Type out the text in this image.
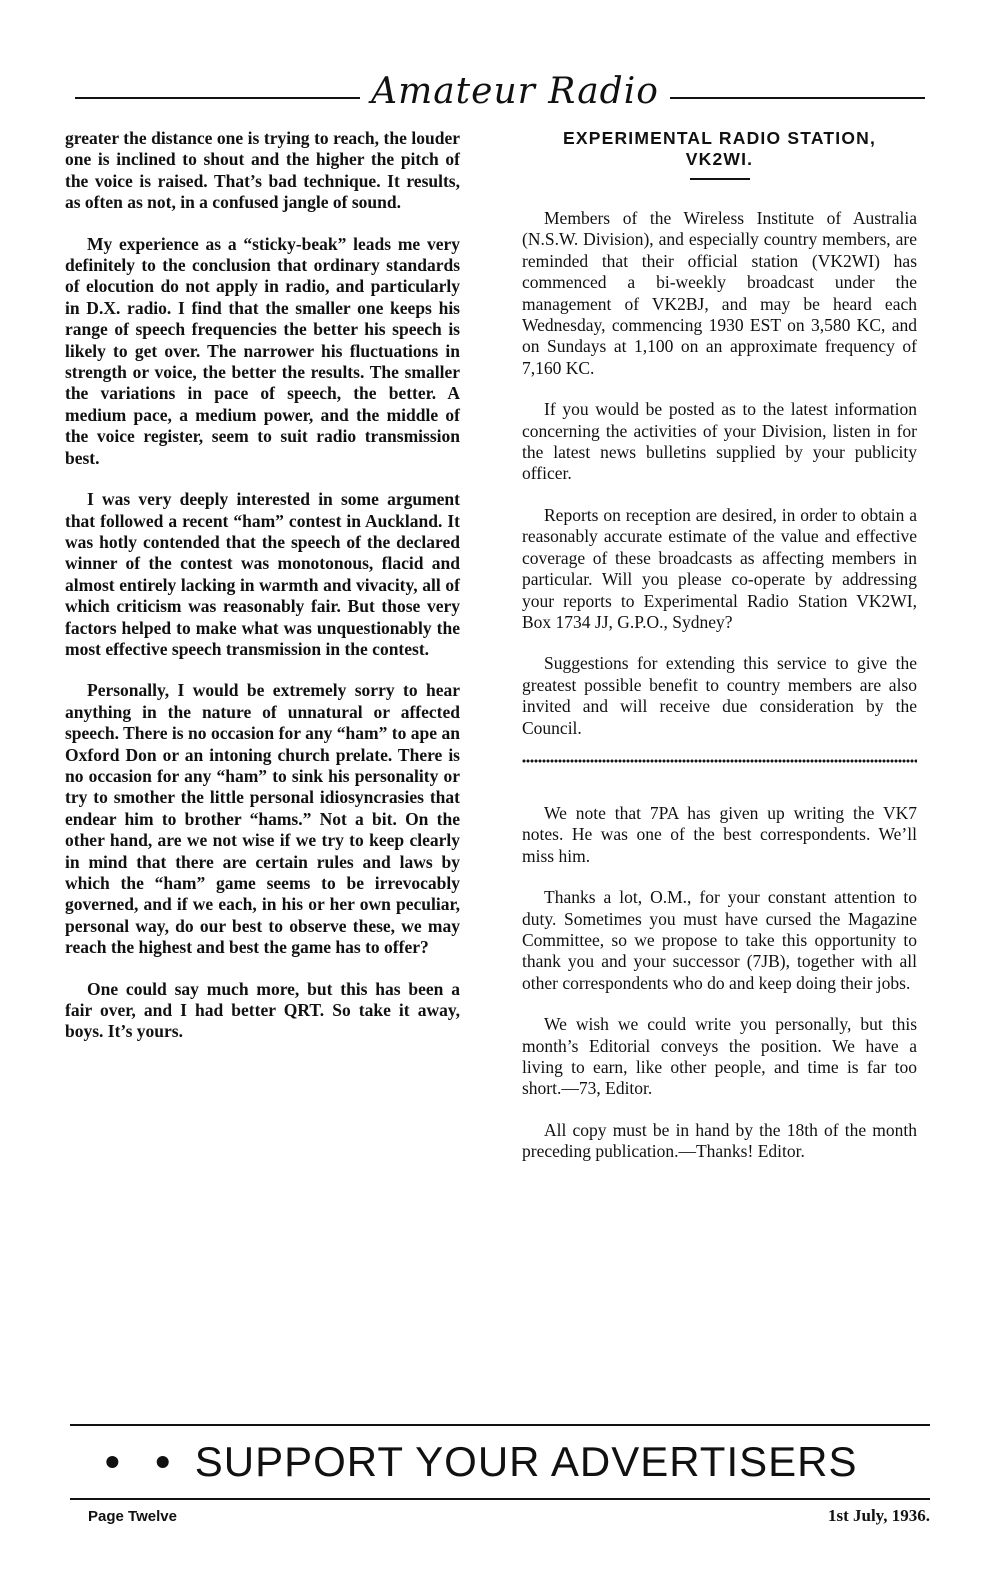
Amateur Radio

greater the distance one is trying to reach, the louder one is inclined to shout and the higher the pitch of the voice is raised. That’s bad technique. It results, as often as not, in a confused jangle of sound.

My experience as a “sticky-beak” leads me very definitely to the conclusion that ordinary standards of elocution do not apply in radio, and particularly in D.X. radio. I find that the smaller one keeps his range of speech frequencies the better his speech is likely to get over. The narrower his fluctuations in strength or voice, the better the results. The smaller the variations in pace of speech, the better. A medium pace, a medium power, and the middle of the voice register, seem to suit radio transmission best.

I was very deeply interested in some argument that followed a recent “ham” contest in Auckland. It was hotly contended that the speech of the declared winner of the contest was monotonous, flacid and almost entirely lacking in warmth and vivacity, all of which criticism was reasonably fair. But those very factors helped to make what was unquestionably the most effective speech transmission in the contest.

Personally, I would be extremely sorry to hear anything in the nature of unnatural or affected speech. There is no occasion for any “ham” to ape an Oxford Don or an intoning church prelate. There is no occasion for any “ham” to sink his personality or try to smother the little personal idiosyncrasies that endear him to brother “hams.” Not a bit. On the other hand, are we not wise if we try to keep clearly in mind that there are certain rules and laws by which the “ham” game seems to be irrevocably governed, and if we each, in his or her own peculiar, personal way, do our best to observe these, we may reach the highest and best the game has to offer?

One could say much more, but this has been a fair over, and I had better QRT. So take it away, boys. It’s yours.

EXPERIMENTAL RADIO STATION,
VK2WI.

Members of the Wireless Institute of Australia (N.S.W. Division), and especially country members, are reminded that their official station (VK2WI) has commenced a bi-weekly broadcast under the management of VK2BJ, and may be heard each Wednesday, commencing 1930 EST on 3,580 KC, and on Sundays at 1,100 on an approximate frequency of 7,160 KC.

If you would be posted as to the latest information concerning the activities of your Division, listen in for the latest news bulletins supplied by your publicity officer.

Reports on reception are desired, in order to obtain a reasonably accurate estimate of the value and effective coverage of these broadcasts as affecting members in particular. Will you please co-operate by addressing your reports to Experimental Radio Station VK2WI, Box 1734 JJ, G.P.O., Sydney?

Suggestions for extending this service to give the greatest possible benefit to country members are also invited and will receive due consideration by the Council.

We note that 7PA has given up writing the VK7 notes. He was one of the best correspondents. We’ll miss him.

Thanks a lot, O.M., for your constant attention to duty. Sometimes you must have cursed the Magazine Committee, so we propose to take this opportunity to thank you and your successor (7JB), together with all other correspondents who do and keep doing their jobs.

We wish we could write you personally, but this month’s Editorial conveys the position. We have a living to earn, like other people, and time is far too short.—73, Editor.

All copy must be in hand by the 18th of the month preceding publication.—Thanks! Editor.

• • SUPPORT YOUR ADVERTISERS
Page Twelve	1st July, 1936.
